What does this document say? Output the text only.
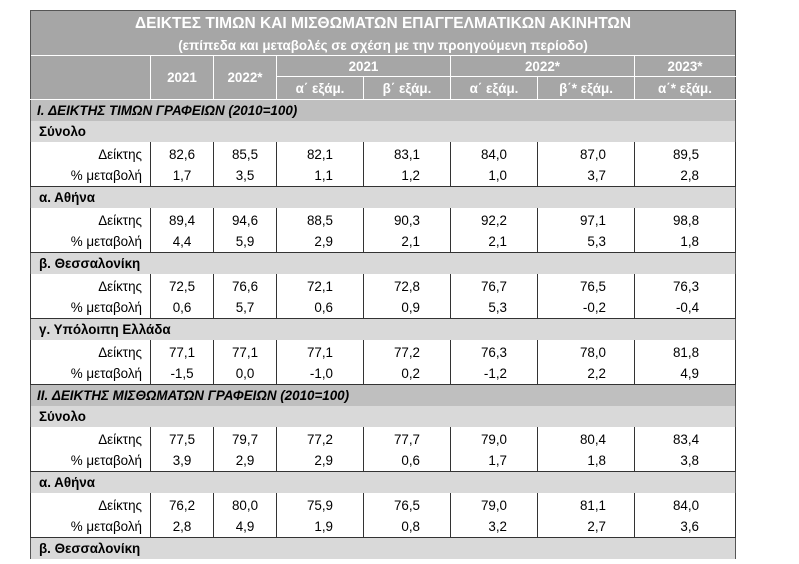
ΔΕΙΚΤΕΣ ΤΙΜΩΝ ΚΑΙ ΜΙΣΘΩΜΑΤΩΝ ΕΠΑΓΓΕΛΜΑΤΙΚΩΝ ΑΚΙΝΗΤΩΝ							
(επίπεδα και μεταβολές σε σχέση με την προηγούμενη περίοδο)							
	2021	2022*	2021		2022*		2023*
			α΄ εξάμ.	β΄ εξάμ.	α΄ εξάμ.	β΄* εξάμ.	α΄* εξάμ.
I. ΔΕΙΚΤΗΣ ΤΙΜΩΝ ΓΡΑΦΕΙΩΝ (2010=100)							
Σύνολο							
Δείκτης	82,6	85,5	82,1	83,1	84,0	87,0	89,5
% μεταβολή	1,7	3,5	1,1	1,2	1,0	3,7	2,8
α. Αθήνα							
Δείκτης	89,4	94,6	88,5	90,3	92,2	97,1	98,8
% μεταβολή	4,4	5,9	2,9	2,1	2,1	5,3	1,8
β. Θεσσαλονίκη							
Δείκτης	72,5	76,6	72,1	72,8	76,7	76,5	76,3
% μεταβολή	0,6	5,7	0,6	0,9	5,3	-0,2	-0,4
γ. Υπόλοιπη Ελλάδα							
Δείκτης	77,1	77,1	77,1	77,2	76,3	78,0	81,8
% μεταβολή	-1,5	0,0	-1,0	0,2	-1,2	2,2	4,9
II. ΔΕΙΚΤΗΣ ΜΙΣΘΩΜΑΤΩΝ ΓΡΑΦΕΙΩΝ (2010=100)							
Σύνολο							
Δείκτης	77,5	79,7	77,2	77,7	79,0	80,4	83,4
% μεταβολή	3,9	2,9	2,9	0,6	1,7	1,8	3,8
α. Αθήνα							
Δείκτης	76,2	80,0	75,9	76,5	79,0	81,1	84,0
% μεταβολή	2,8	4,9	1,9	0,8	3,2	2,7	3,6
β. Θεσσαλονίκη							
